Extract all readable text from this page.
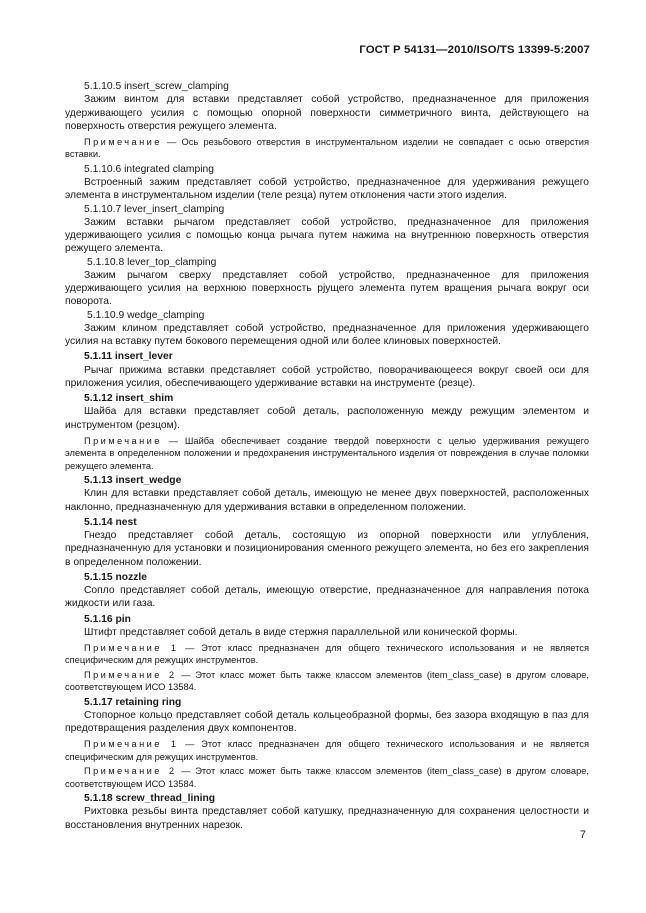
ГОСТ Р 54131—2010/ISO/TS 13399-5:2007

5.1.10.5 insert_screw_clamping

Зажим винтом для вставки представляет собой устройство, предназначенное для приложения удерживающего усилия с помощью опорной поверхности симметричного винта, действующего на поверхность отверстия режущего элемента.

Примечание — Ось резьбового отверстия в инструментальном изделии не совпадает с осью отверстия вставки.

5.1.10.6 integrated clamping

Встроенный зажим представляет собой устройство, предназначенное для удерживания режущего элемента в инструментальном изделии (теле резца) путем отклонения части этого изделия.

5.1.10.7 lever_insert_clamping

Зажим вставки рычагом представляет собой устройство, предназначенное для приложения удерживающего усилия с помощью конца рычага путем нажима на внутреннюю поверхность отверстия режущего элемента.

5.1.10.8 lever_top_clamping

Зажим рычагом сверху представляет собой устройство, предназначенное для приложения удерживающего усилия на верхнюю поверхность рjущего элемента путем вращения рычага вокруг оси поворота.

5.1.10.9 wedge_clamping

Зажим клином представляет собой устройство, предназначенное для приложения удерживающего усилия на вставку путем бокового перемещения одной или более клиновых поверхностей.

5.1.11 insert_lever

Рычаг прижима вставки представляет собой устройство, поворачивающееся вокруг своей оси для приложения усилия, обеспечивающего удерживание вставки на инструменте (резце).

5.1.12 insert_shim

Шайба для вставки представляет собой деталь, расположенную между режущим элементом и инструментом (резцом).

Примечание — Шайба обеспечивает создание твердой поверхности с целью удерживания режущего элемента в определенном положении и предохранения инструментального изделия от повреждения в случае поломки режущего элемента.

5.1.13 insert_wedge

Клин для вставки представляет собой деталь, имеющую не менее двух поверхностей, расположенных наклонно, предназначенную для удерживания вставки в определенном положении.

5.1.14 nest

Гнездо представляет собой деталь, состоящую из опорной поверхности или углубления, предназначенную для установки и позиционирования сменного режущего элемента, но без его закрепления в определенном положении.

5.1.15 nozzle

Сопло представляет собой деталь, имеющую отверстие, предназначенное для направления потока жидкости или газа.

5.1.16 pin

Штифт представляет собой деталь в виде стержня параллельной или конической формы.

Примечание 1 — Этот класс предназначен для общего технического использования и не является специфическим для режущих инструментов.

Примечание 2 — Этот класс может быть также классом элементов (item_class_case) в другом словаре, соответствующем ИСО 13584.

5.1.17 retaining ring

Стопорное кольцо представляет собой деталь кольцеобразной формы, без зазора входящую в паз для предотвращения разделения двух компонентов.

Примечание 1 — Этот класс предназначен для общего технического использования и не является специфическим для режущих инструментов.

Примечание 2 — Этот класс может быть также классом элементов (item_class_case) в другом словаре, соответствующем ИСО 13584.

5.1.18 screw_thread_lining

Рихтовка резьбы винта представляет собой катушку, предназначенную для сохранения целостности и восстановления внутренних нарезок.

7
